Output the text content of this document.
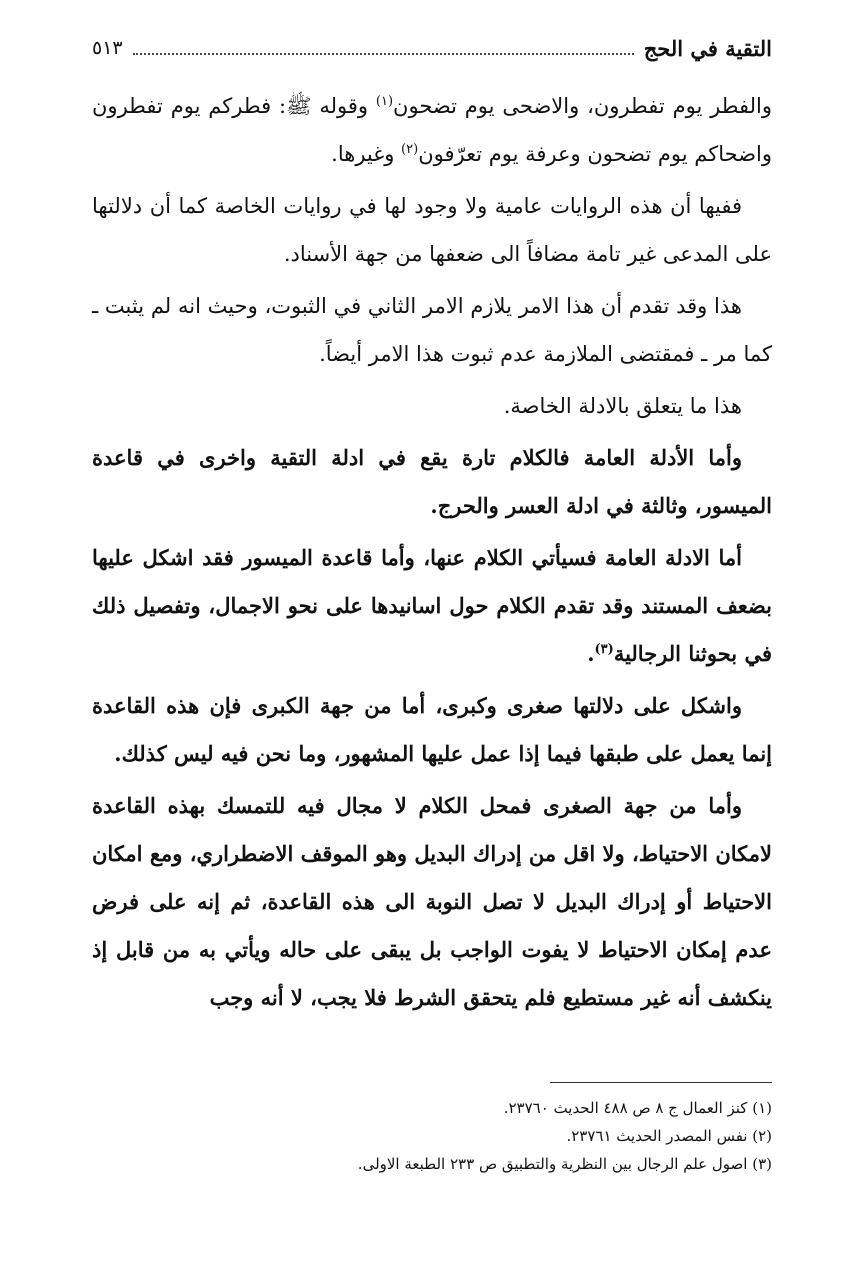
التقية في الحج
٥١٣

والفطر يوم تفطرون، والاضحى يوم تضحون$^{(١)}$ وقوله ﷺ: فطركم يوم تفطرون واضحاكم يوم تضحون وعرفة يوم تعرّفون$^{(٢)}$ وغيرها.

ففيها أن هذه الروايات عامية ولا وجود لها في روايات الخاصة كما أن دلالتها على المدعى غير تامة مضافاً الى ضعفها من جهة الأسناد.

هذا وقد تقدم أن هذا الامر يلازم الامر الثاني في الثبوت، وحيث انه لم يثبت ـ كما مر ـ فمقتضى الملازمة عدم ثبوت هذا الامر أيضاً.

هذا ما يتعلق بالادلة الخاصة.

وأما الأدلة العامة فالكلام تارة يقع في ادلة التقية واخرى في قاعدة الميسور، وثالثة في ادلة العسر والحرج.

أما الادلة العامة فسيأتي الكلام عنها، وأما قاعدة الميسور فقد اشكل عليها بضعف المستند وقد تقدم الكلام حول اسانيدها على نحو الاجمال، وتفصيل ذلك في بحوثنا الرجالية$^{(٣)}$.

واشكل على دلالتها صغرى وكبرى، أما من جهة الكبرى فإن هذه القاعدة إنما يعمل على طبقها فيما إذا عمل عليها المشهور، وما نحن فيه ليس كذلك.

وأما من جهة الصغرى فمحل الكلام لا مجال فيه للتمسك بهذه القاعدة لامكان الاحتياط، ولا اقل من إدراك البديل وهو الموقف الاضطراري، ومع امكان الاحتياط أو إدراك البديل لا تصل النوبة الى هذه القاعدة، ثم إنه على فرض عدم إمكان الاحتياط لا يفوت الواجب بل يبقى على حاله ويأتي به من قابل إذ ينكشف أنه غير مستطيع فلم يتحقق الشرط فلا يجب، لا أنه وجب

(١) كنز العمال ج ٨ ص ٤٨٨ الحديث ٢٣٧٦٠.
(٢) نفس المصدر الحديث ٢٣٧٦١.
(٣) اصول علم الرجال بين النظرية والتطبيق ص ٢٣٣ الطبعة الاولى.
